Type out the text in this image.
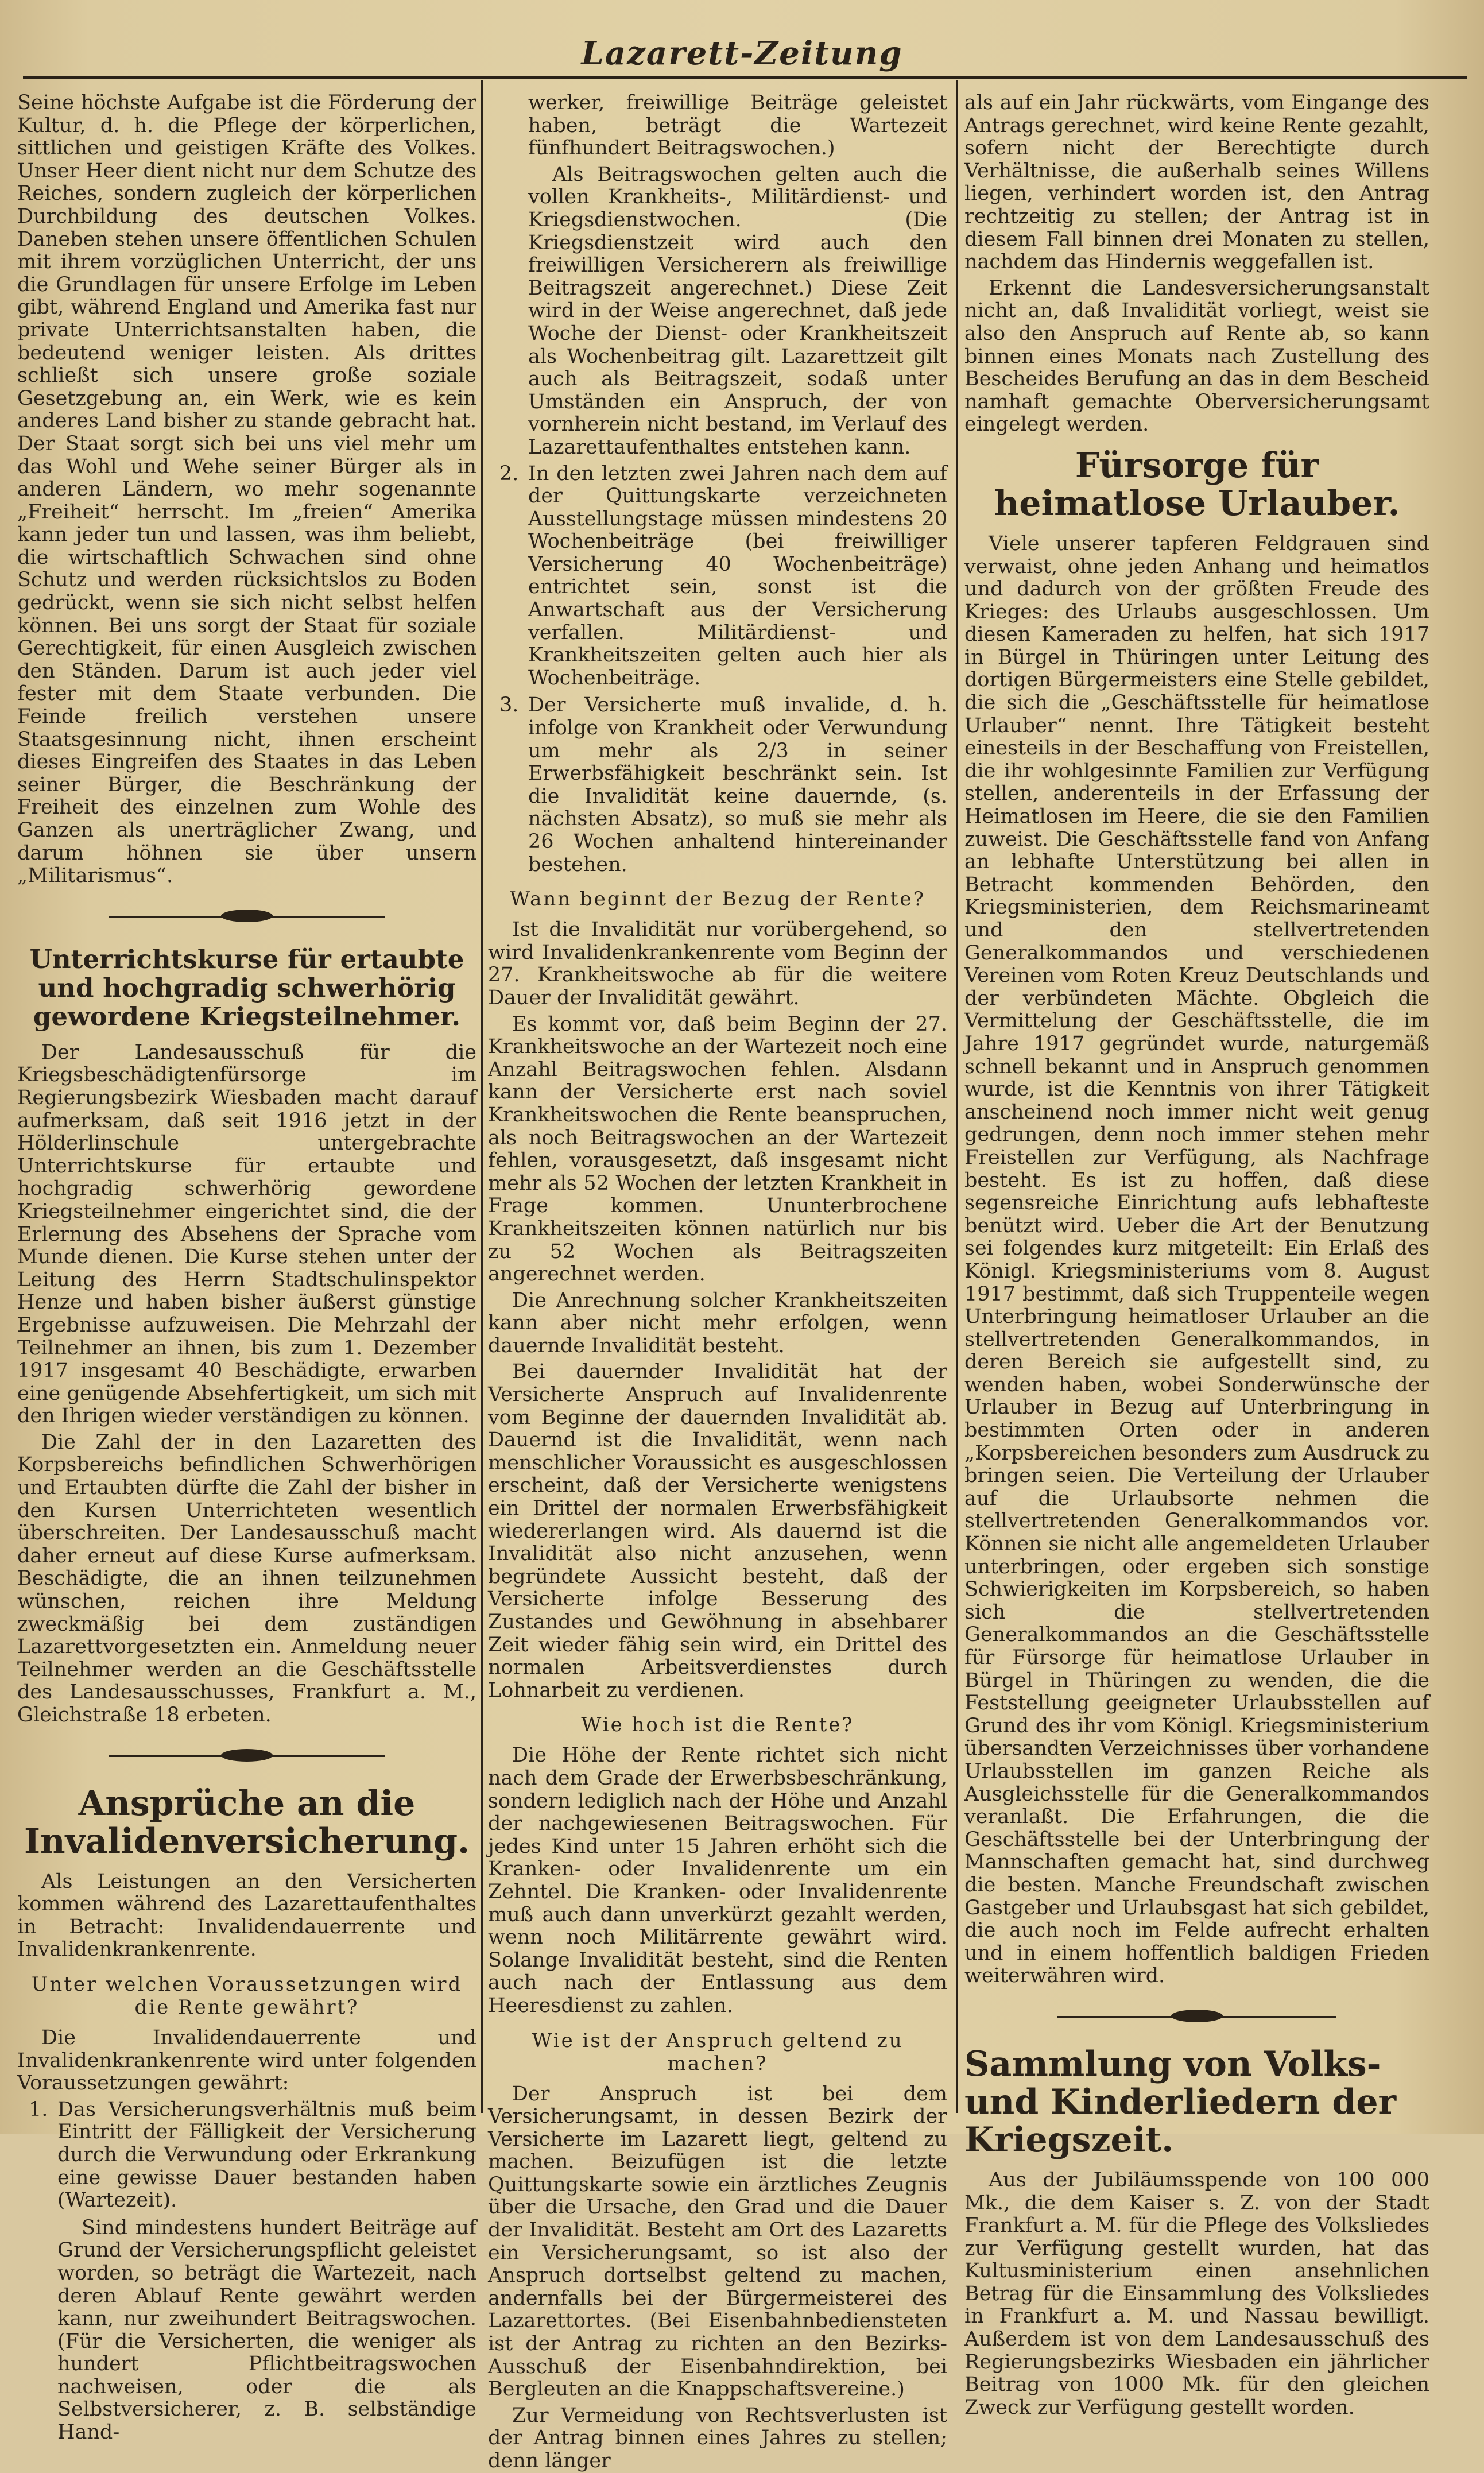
Lazarett-Zeitung

Seine höchste Aufgabe ist die Förderung der Kultur, d. h. die Pflege der körperlichen, sittlichen und geistigen Kräfte des Volkes. Unser Heer dient nicht nur dem Schutze des Reiches, sondern zugleich der körperlichen Durchbildung des deutschen Volkes. Daneben stehen unsere öffentlichen Schulen mit ihrem vorzüglichen Unterricht, der uns die Grundlagen für unsere Erfolge im Leben gibt, während England und Amerika fast nur private Unterrichtsanstalten haben, die bedeutend weniger leisten. Als drittes schließt sich unsere große soziale Gesetzgebung an, ein Werk, wie es kein anderes Land bisher zu stande gebracht hat. Der Staat sorgt sich bei uns viel mehr um das Wohl und Wehe seiner Bürger als in anderen Ländern, wo mehr sogenannte „Freiheit“ herrscht. Im „freien“ Amerika kann jeder tun und lassen, was ihm beliebt, die wirtschaftlich Schwachen sind ohne Schutz und werden rücksichtslos zu Boden gedrückt, wenn sie sich nicht selbst helfen können. Bei uns sorgt der Staat für soziale Gerechtigkeit, für einen Ausgleich zwischen den Ständen. Darum ist auch jeder viel fester mit dem Staate verbunden. Die Feinde freilich verstehen unsere Staatsgesinnung nicht, ihnen erscheint dieses Eingreifen des Staates in das Leben seiner Bürger, die Beschränkung der Freiheit des einzelnen zum Wohle des Ganzen als unerträglicher Zwang, und darum höhnen sie über unsern „Militarismus“.

Unterrichtskurse für ertaubte und hochgradig schwerhörig gewordene Kriegsteilnehmer.

Der Landesausschuß für die Kriegsbeschädigtenfürsorge im Regierungsbezirk Wiesbaden macht darauf aufmerksam, daß seit 1916 jetzt in der Hölderlinschule untergebrachte Unterrichtskurse für ertaubte und hochgradig schwerhörig gewordene Kriegsteilnehmer eingerichtet sind, die der Erlernung des Absehens der Sprache vom Munde dienen. Die Kurse stehen unter der Leitung des Herrn Stadtschulinspektor Henze und haben bisher äußerst günstige Ergebnisse aufzuweisen. Die Mehrzahl der Teilnehmer an ihnen, bis zum 1. Dezember 1917 insgesamt 40 Beschädigte, erwarben eine genügende Absehfertigkeit, um sich mit den Ihrigen wieder verständigen zu können.

Die Zahl der in den Lazaretten des Korpsbereichs befindlichen Schwerhörigen und Ertaubten dürfte die Zahl der bisher in den Kursen Unterrichteten wesentlich überschreiten. Der Landesausschuß macht daher erneut auf diese Kurse aufmerksam. Beschädigte, die an ihnen teilzunehmen wünschen, reichen ihre Meldung zweckmäßig bei dem zuständigen Lazarettvorgesetzten ein. Anmeldung neuer Teilnehmer werden an die Geschäftsstelle des Landesausschusses, Frankfurt a. M., Gleichstraße 18 erbeten.

Ansprüche an die Invalidenversicherung.

Als Leistungen an den Versicherten kommen während des Lazarettaufenthaltes in Betracht: Invalidendauerrente und Invalidenkrankenrente.

Unter welchen Voraussetzungen wird die Rente gewährt?

Die Invalidendauerrente und Invalidenkrankenrente wird unter folgenden Voraussetzungen gewährt:

1. Das Versicherungsverhältnis muß beim Eintritt der Fälligkeit der Versicherung durch die Verwundung oder Erkrankung eine gewisse Dauer bestanden haben (Wartezeit).

Sind mindestens hundert Beiträge auf Grund der Versicherungspflicht geleistet worden, so beträgt die Wartezeit, nach deren Ablauf Rente gewährt werden kann, nur zweihundert Beitragswochen. (Für die Versicherten, die weniger als hundert Pflichtbeitragswochen nachweisen, oder die als Selbstversicherer, z. B. selbständige Hand-

werker, freiwillige Beiträge geleistet haben, beträgt die Wartezeit fünfhundert Beitragswochen.)

Als Beitragswochen gelten auch die vollen Krankheits-, Militärdienst- und Kriegsdienstwochen. (Die Kriegsdienstzeit wird auch den freiwilligen Versicherern als freiwillige Beitragszeit angerechnet.) Diese Zeit wird in der Weise angerechnet, daß jede Woche der Dienst- oder Krankheitszeit als Wochenbeitrag gilt. Lazarettzeit gilt auch als Beitragszeit, sodaß unter Umständen ein Anspruch, der von vornherein nicht bestand, im Verlauf des Lazarettaufenthaltes entstehen kann.

2. In den letzten zwei Jahren nach dem auf der Quittungskarte verzeichneten Ausstellungstage müssen mindestens 20 Wochenbeiträge (bei freiwilliger Versicherung 40 Wochenbeiträge) entrichtet sein, sonst ist die Anwartschaft aus der Versicherung verfallen. Militärdienst- und Krankheitszeiten gelten auch hier als Wochenbeiträge.
3. Der Versicherte muß invalide, d. h. infolge von Krankheit oder Verwundung um mehr als 2/3 in seiner Erwerbsfähigkeit beschränkt sein. Ist die Invalidität keine dauernde, (s. nächsten Absatz), so muß sie mehr als 26 Wochen anhaltend hintereinander bestehen.
Wann beginnt der Bezug der Rente?

Ist die Invalidität nur vorübergehend, so wird Invalidenkrankenrente vom Beginn der 27. Krankheitswoche ab für die weitere Dauer der Invalidität gewährt.

Es kommt vor, daß beim Beginn der 27. Krankheitswoche an der Wartezeit noch eine Anzahl Beitragswochen fehlen. Alsdann kann der Versicherte erst nach soviel Krankheitswochen die Rente beanspruchen, als noch Beitragswochen an der Wartezeit fehlen, vorausgesetzt, daß insgesamt nicht mehr als 52 Wochen der letzten Krankheit in Frage kommen. Ununterbrochene Krankheitszeiten können natürlich nur bis zu 52 Wochen als Beitragszeiten angerechnet werden.

Die Anrechnung solcher Krankheitszeiten kann aber nicht mehr erfolgen, wenn dauernde Invalidität besteht.

Bei dauernder Invalidität hat der Versicherte Anspruch auf Invalidenrente vom Beginne der dauernden Invalidität ab. Dauernd ist die Invalidität, wenn nach menschlicher Voraussicht es ausgeschlossen erscheint, daß der Versicherte wenigstens ein Drittel der normalen Erwerbsfähigkeit wiedererlangen wird. Als dauernd ist die Invalidität also nicht anzusehen, wenn begründete Aussicht besteht, daß der Versicherte infolge Besserung des Zustandes und Gewöhnung in absehbarer Zeit wieder fähig sein wird, ein Drittel des normalen Arbeitsverdienstes durch Lohnarbeit zu verdienen.

Wie hoch ist die Rente?

Die Höhe der Rente richtet sich nicht nach dem Grade der Erwerbsbeschränkung, sondern lediglich nach der Höhe und Anzahl der nachgewiesenen Beitragswochen. Für jedes Kind unter 15 Jahren erhöht sich die Kranken- oder Invalidenrente um ein Zehntel. Die Kranken- oder Invalidenrente muß auch dann unverkürzt gezahlt werden, wenn noch Militärrente gewährt wird. Solange Invalidität besteht, sind die Renten auch nach der Entlassung aus dem Heeresdienst zu zahlen.

Wie ist der Anspruch geltend zu machen?

Der Anspruch ist bei dem Versicherungsamt, in dessen Bezirk der Versicherte im Lazarett liegt, geltend zu machen. Beizufügen ist die letzte Quittungskarte sowie ein ärztliches Zeugnis über die Ursache, den Grad und die Dauer der Invalidität. Besteht am Ort des Lazaretts ein Versicherungsamt, so ist also der Anspruch dortselbst geltend zu machen, andernfalls bei der Bürgermeisterei des Lazarettortes. (Bei Eisenbahnbediensteten ist der Antrag zu richten an den Bezirks-Ausschuß der Eisenbahndirektion, bei Bergleuten an die Knappschaftsvereine.)

Zur Vermeidung von Rechtsverlusten ist der Antrag binnen eines Jahres zu stellen; denn länger

als auf ein Jahr rückwärts, vom Eingange des Antrags gerechnet, wird keine Rente gezahlt, sofern nicht der Berechtigte durch Verhältnisse, die außerhalb seines Willens liegen, verhindert worden ist, den Antrag rechtzeitig zu stellen; der Antrag ist in diesem Fall binnen drei Monaten zu stellen, nachdem das Hindernis weggefallen ist.

Erkennt die Landesversicherungsanstalt nicht an, daß Invalidität vorliegt, weist sie also den Anspruch auf Rente ab, so kann binnen eines Monats nach Zustellung des Bescheides Berufung an das in dem Bescheid namhaft gemachte Oberversicherungsamt eingelegt werden.

Fürsorge für heimatlose Urlauber.

Viele unserer tapferen Feldgrauen sind verwaist, ohne jeden Anhang und heimatlos und dadurch von der größten Freude des Krieges: des Urlaubs ausgeschlossen. Um diesen Kameraden zu helfen, hat sich 1917 in Bürgel in Thüringen unter Leitung des dortigen Bürgermeisters eine Stelle gebildet, die sich die „Geschäftsstelle für heimatlose Urlauber“ nennt. Ihre Tätigkeit besteht einesteils in der Beschaffung von Freistellen, die ihr wohlgesinnte Familien zur Verfügung stellen, anderenteils in der Erfassung der Heimatlosen im Heere, die sie den Familien zuweist. Die Geschäftsstelle fand von Anfang an lebhafte Unterstützung bei allen in Betracht kommenden Behörden, den Kriegsministerien, dem Reichsmarineamt und den stellvertretenden Generalkommandos und verschiedenen Vereinen vom Roten Kreuz Deutschlands und der verbündeten Mächte. Obgleich die Vermittelung der Geschäftsstelle, die im Jahre 1917 gegründet wurde, naturgemäß schnell bekannt und in Anspruch genommen wurde, ist die Kenntnis von ihrer Tätigkeit anscheinend noch immer nicht weit genug gedrungen, denn noch immer stehen mehr Freistellen zur Verfügung, als Nachfrage besteht. Es ist zu hoffen, daß diese segensreiche Einrichtung aufs lebhafteste benützt wird. Ueber die Art der Benutzung sei folgendes kurz mitgeteilt: Ein Erlaß des Königl. Kriegsministeriums vom 8. August 1917 bestimmt, daß sich Truppenteile wegen Unterbringung heimatloser Urlauber an die stellvertretenden Generalkommandos, in deren Bereich sie aufgestellt sind, zu wenden haben, wobei Sonderwünsche der Urlauber in Bezug auf Unterbringung in bestimmten Orten oder in anderen „Korpsbereichen besonders zum Ausdruck zu bringen seien. Die Verteilung der Urlauber auf die Urlaubsorte nehmen die stellvertretenden Generalkommandos vor. Können sie nicht alle angemeldeten Urlauber unterbringen, oder ergeben sich sonstige Schwierigkeiten im Korpsbereich, so haben sich die stellvertretenden Generalkommandos an die Geschäftsstelle für Fürsorge für heimatlose Urlauber in Bürgel in Thüringen zu wenden, die die Feststellung geeigneter Urlaubsstellen auf Grund des ihr vom Königl. Kriegsministerium übersandten Verzeichnisses über vorhandene Urlaubsstellen im ganzen Reiche als Ausgleichsstelle für die Generalkommandos veranlaßt. Die Erfahrungen, die die Geschäftsstelle bei der Unterbringung der Mannschaften gemacht hat, sind durchweg die besten. Manche Freundschaft zwischen Gastgeber und Urlaubsgast hat sich gebildet, die auch noch im Felde aufrecht erhalten und in einem hoffentlich baldigen Frieden weiterwähren wird.

Sammlung von Volks- und Kinderliedern der Kriegszeit.

Aus der Jubiläumsspende von 100 000 Mk., die dem Kaiser s. Z. von der Stadt Frankfurt a. M. für die Pflege des Volksliedes zur Verfügung gestellt wurden, hat das Kultusministerium einen ansehnlichen Betrag für die Einsammlung des Volksliedes in Frankfurt a. M. und Nassau bewilligt. Außerdem ist von dem Landesausschuß des Regierungsbezirks Wiesbaden ein jährlicher Beitrag von 1000 Mk. für den gleichen Zweck zur Verfügung gestellt worden.
